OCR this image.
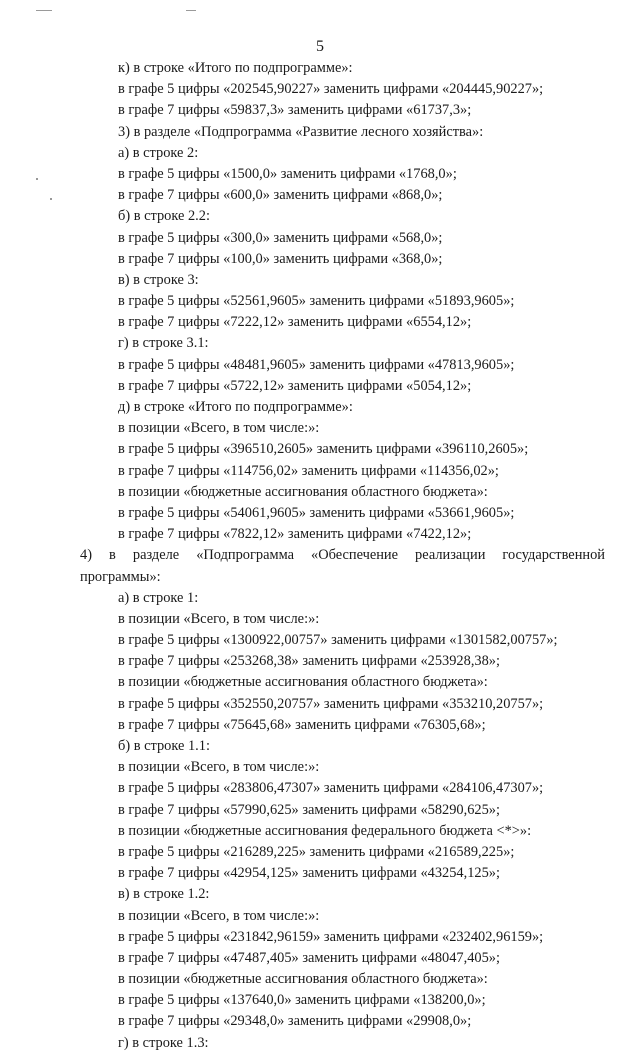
5
к) в строке «Итого по подпрограмме»:
в графе 5 цифры «202545,90227» заменить цифрами «204445,90227»;
в графе 7 цифры «59837,3» заменить цифрами «61737,3»;
3) в разделе «Подпрограмма «Развитие лесного хозяйства»:
а) в строке 2:
в графе 5 цифры «1500,0» заменить цифрами «1768,0»;
в графе 7 цифры «600,0» заменить цифрами «868,0»;
б) в строке 2.2:
в графе 5 цифры «300,0» заменить цифрами «568,0»;
в графе 7 цифры «100,0» заменить цифрами «368,0»;
в) в строке 3:
в графе 5 цифры «52561,9605» заменить цифрами «51893,9605»;
в графе 7 цифры «7222,12» заменить цифрами «6554,12»;
г) в строке 3.1:
в графе 5 цифры «48481,9605» заменить цифрами «47813,9605»;
в графе 7 цифры «5722,12» заменить цифрами «5054,12»;
д) в строке «Итого по подпрограмме»:
в позиции «Всего, в том числе:»:
в графе 5 цифры «396510,2605» заменить цифрами «396110,2605»;
в графе 7 цифры «114756,02» заменить цифрами «114356,02»;
в позиции «бюджетные ассигнования областного бюджета»:
в графе 5 цифры «54061,9605» заменить цифрами «53661,9605»;
в графе 7 цифры «7822,12» заменить цифрами «7422,12»;
4) в разделе «Подпрограмма «Обеспечение реализации государственной
программы»:
а) в строке 1:
в позиции «Всего, в том числе:»:
в графе 5 цифры «1300922,00757» заменить цифрами «1301582,00757»;
в графе 7 цифры «253268,38» заменить цифрами «253928,38»;
в позиции «бюджетные ассигнования областного бюджета»:
в графе 5 цифры «352550,20757» заменить цифрами «353210,20757»;
в графе 7 цифры «75645,68» заменить цифрами «76305,68»;
б) в строке 1.1:
в позиции «Всего, в том числе:»:
в графе 5 цифры «283806,47307» заменить цифрами «284106,47307»;
в графе 7 цифры «57990,625» заменить цифрами «58290,625»;
в позиции «бюджетные ассигнования федерального бюджета <*>»:
в графе 5 цифры «216289,225» заменить цифрами «216589,225»;
в графе 7 цифры «42954,125» заменить цифрами «43254,125»;
в) в строке 1.2:
в позиции «Всего, в том числе:»:
в графе 5 цифры «231842,96159» заменить цифрами «232402,96159»;
в графе 7 цифры «47487,405» заменить цифрами «48047,405»;
в позиции «бюджетные ассигнования областного бюджета»:
в графе 5 цифры «137640,0» заменить цифрами «138200,0»;
в графе 7 цифры «29348,0» заменить цифрами «29908,0»;
г) в строке 1.3:
